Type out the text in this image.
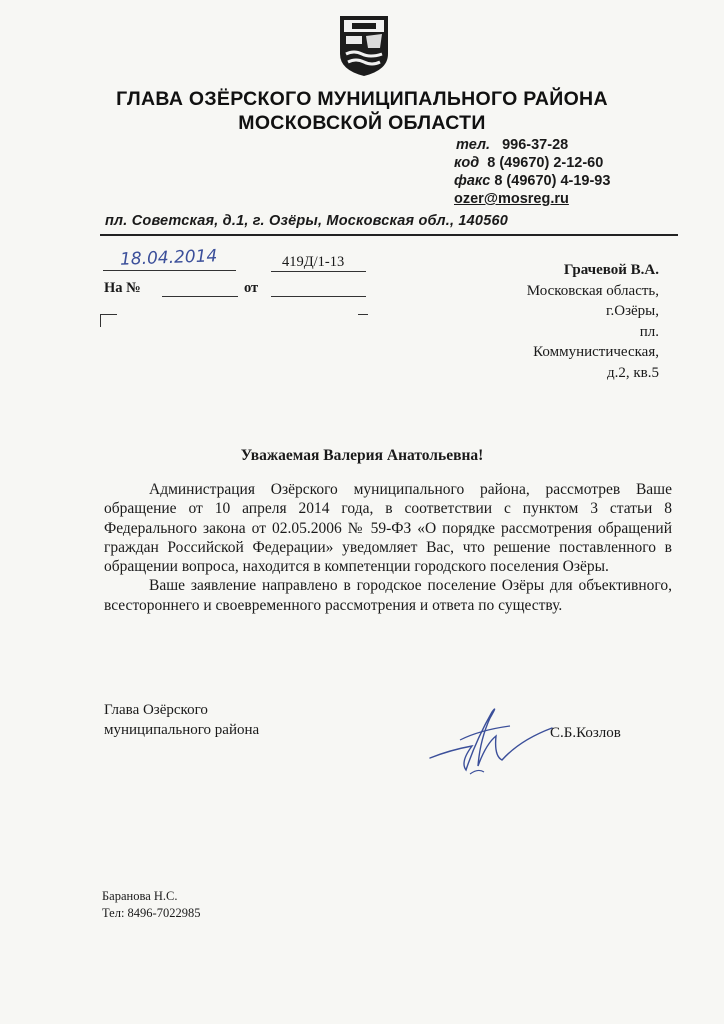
ГЛАВА ОЗЁРСКОГО МУНИЦИПАЛЬНОГО РАЙОНА
МОСКОВСКОЙ ОБЛАСТИ
тел. 996-37-28
код 8 (49670) 2-12-60
факс 8 (49670) 4-19-93
ozer@mosreg.ru
пл. Советская, д.1, г. Озёры, Московская обл., 140560
18.04.2014	419Д/1-13
На №	от
Грачевой В.А.
Московская область,
г.Озёры,
пл.
Коммунистическая,
д.2, кв.5
Уважаемая Валерия Анатольевна!

Администрация Озёрского муниципального района, рассмотрев Ваше обращение от 10 апреля 2014 года, в соответствии с пунктом 3 статьи 8 Федерального закона от 02.05.2006 № 59-ФЗ «О порядке рассмотрения обращений граждан Российской Федерации» уведомляет Вас, что решение поставленного в обращении вопроса, находится в компетенции городского поселения Озёры.

Ваше заявление направлено в городское поселение Озёры для объективного, всестороннего и своевременного рассмотрения и ответа по существу.

Глава Озёрского
муниципального района	С.Б.Козлов
Баранова Н.С.
Тел: 8496-7022985
